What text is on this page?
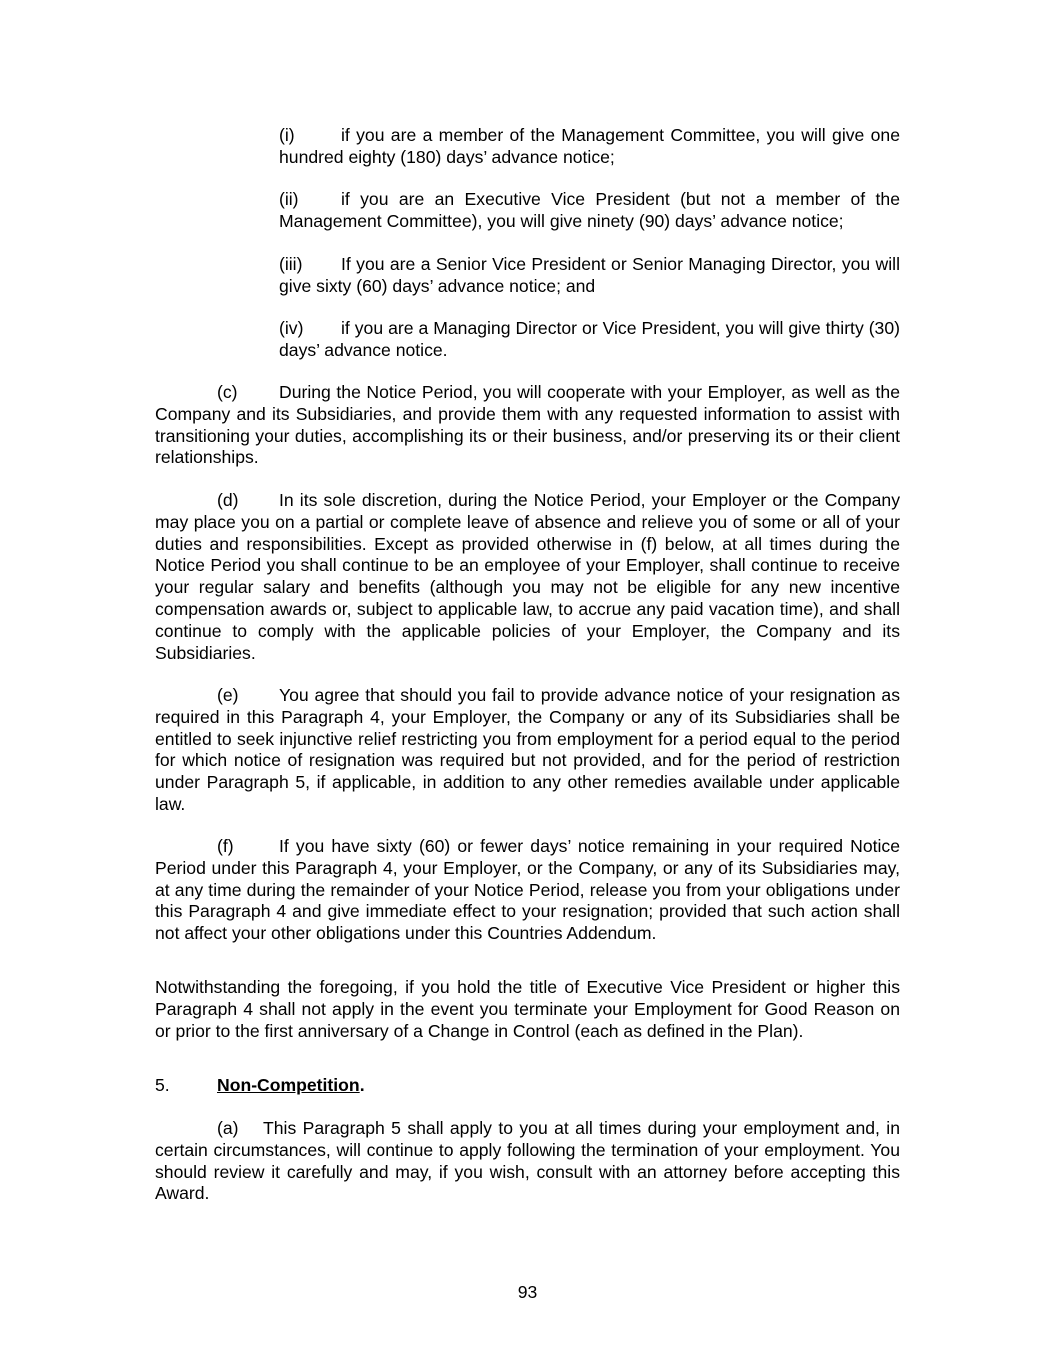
(i)	if you are a member of the Management Committee, you will give one hundred eighty (180) days’ advance notice;

(ii) if you are an Executive Vice President (but not a member of the Management Committee), you will give ninety (90) days’ advance notice;

(iii) If you are a Senior Vice President or Senior Managing Director, you will give sixty (60) days’ advance notice; and

(iv) if you are a Managing Director or Vice President, you will give thirty (30) days’ advance notice.

(c) During the Notice Period, you will cooperate with your Employer, as well as the Company and its Subsidiaries, and provide them with any requested information to assist with transitioning your duties, accomplishing its or their business, and/or preserving its or their client relationships.

(d) In its sole discretion, during the Notice Period, your Employer or the Company may place you on a partial or complete leave of absence and relieve you of some or all of your duties and responsibilities. Except as provided otherwise in (f) below, at all times during the Notice Period you shall continue to be an employee of your Employer, shall continue to receive your regular salary and benefits (although you may not be eligible for any new incentive compensation awards or, subject to applicable law, to accrue any paid vacation time), and shall continue to comply with the applicable policies of your Employer, the Company and its Subsidiaries.

(e) You agree that should you fail to provide advance notice of your resignation as required in this Paragraph 4, your Employer, the Company or any of its Subsidiaries shall be entitled to seek injunctive relief restricting you from employment for a period equal to the period for which notice of resignation was required but not provided, and for the period of restriction under Paragraph 5, if applicable, in addition to any other remedies available under applicable law.

(f)	If you have sixty (60) or fewer days’ notice remaining in your required Notice Period under this Paragraph 4, your Employer, or the Company, or any of its Subsidiaries may, at any time during the remainder of your Notice Period, release you from your obligations under this Paragraph 4 and give immediate effect to your resignation; provided that such action shall not affect your other obligations under this Countries Addendum.

Notwithstanding the foregoing, if you hold the title of Executive Vice President or higher this Paragraph 4 shall not apply in the event you terminate your Employment for Good Reason on or prior to the first anniversary of a Change in Control (each as defined in the Plan).

5.	Non-Competition.

(a) This Paragraph 5 shall apply to you at all times during your employment and, in certain circumstances, will continue to apply following the termination of your employment. You should review it carefully and may, if you wish, consult with an attorney before accepting this Award.

93
